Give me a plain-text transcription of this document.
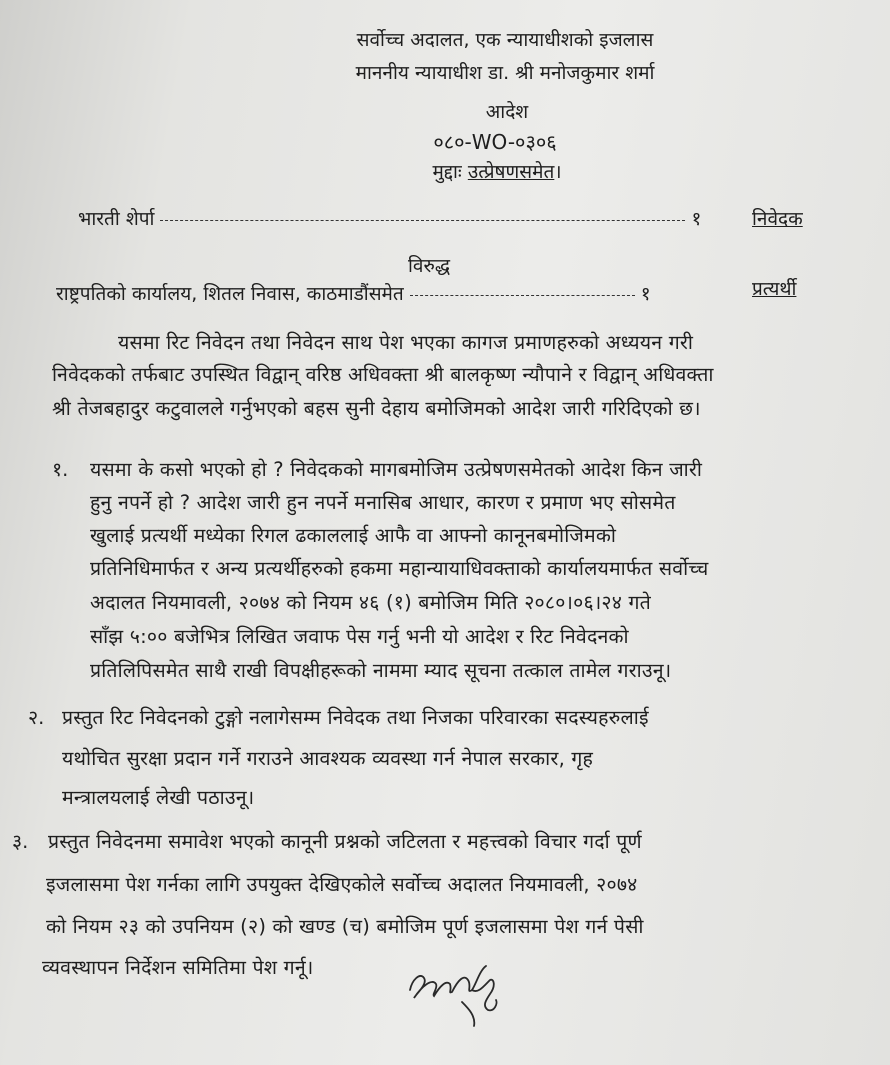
सर्वोच्च अदालत, एक न्यायाधीशको इजलास
माननीय न्यायाधीश डा. श्री मनोजकुमार शर्मा
आदेश
०८०-WO-०३०६
मुद्दाः उत्प्रेषणसमेत।
भारती शेर्पा	१	निवेदक
विरुद्ध
राष्ट्रपतिको कार्यालय, शितल निवास, काठमाडौंसमेत	१	प्रत्यर्थी
यसमा रिट निवेदन तथा निवेदन साथ पेश भएका कागज प्रमाणहरुको अध्ययन गरी
निवेदकको तर्फबाट उपस्थित विद्वान् वरिष्ठ अधिवक्ता श्री बालकृष्ण न्यौपाने र विद्वान् अधिवक्ता
श्री तेजबहादुर कटुवालले गर्नुभएको बहस सुनी देहाय बमोजिमको आदेश जारी गरिदिएको छ।
१. यसमा के कसो भएको हो ? निवेदकको मागबमोजिम उत्प्रेषणसमेतको आदेश किन जारी
हुनु नपर्ने हो ? आदेश जारी हुन नपर्ने मनासिब आधार, कारण र प्रमाण भए सोसमेत
खुलाई प्रत्यर्थी मध्येका रिगल ढकाललाई आफै वा आफ्नो कानूनबमोजिमको
प्रतिनिधिमार्फत र अन्य प्रत्यर्थीहरुको हकमा महान्यायाधिवक्ताको कार्यालयमार्फत सर्वोच्च
अदालत नियमावली, २०७४ को नियम ४६ (१) बमोजिम मिति २०८०।०६।२४ गते
साँझ ५:०० बजेभित्र लिखित जवाफ पेस गर्नु भनी यो आदेश र रिट निवेदनको
प्रतिलिपिसमेत साथै राखी विपक्षीहरूको नाममा म्याद सूचना तत्काल तामेल गराउनू।
२. प्रस्तुत रिट निवेदनको टुङ्गो नलागेसम्म निवेदक तथा निजका परिवारका सदस्यहरुलाई
यथोचित सुरक्षा प्रदान गर्ने गराउने आवश्यक व्यवस्था गर्न नेपाल सरकार, गृह
मन्त्रालयलाई लेखी पठाउनू।
३. प्रस्तुत निवेदनमा समावेश भएको कानूनी प्रश्नको जटिलता र महत्त्वको विचार गर्दा पूर्ण
इजलासमा पेश गर्नका लागि उपयुक्त देखिएकोले सर्वोच्च अदालत नियमावली, २०७४
को नियम २३ को उपनियम (२) को खण्ड (च) बमोजिम पूर्ण इजलासमा पेश गर्न पेसी
व्यवस्थापन निर्देशन समितिमा पेश गर्नू।
